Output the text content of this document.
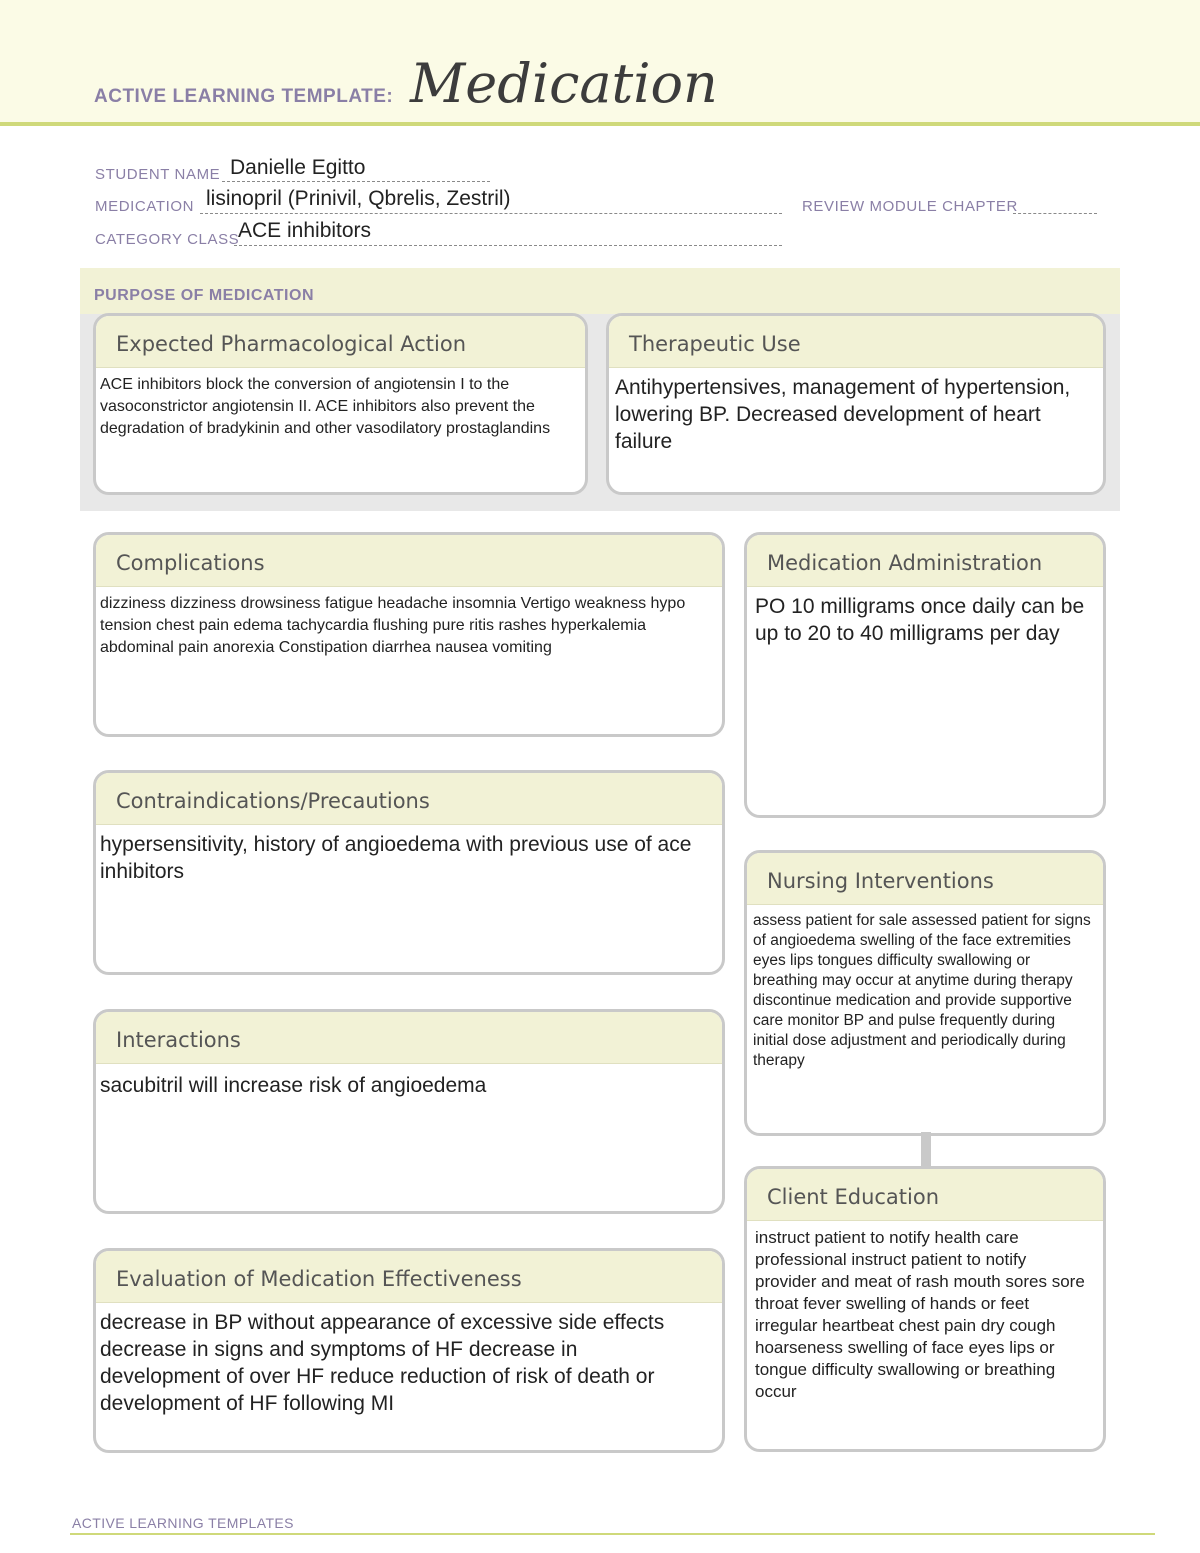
ACTIVE LEARNING TEMPLATE: Medication
STUDENT NAME Danielle Egitto
MEDICATION lisinopril (Prinivil, Qbrelis, Zestril)	REVIEW MODULE CHAPTER
CATEGORY CLASS
ACE inhibitors
PURPOSE OF MEDICATION
Expected Pharmacological Action
ACE inhibitors block the conversion of angiotensin I to the vasoconstrictor angiotensin II. ACE inhibitors also prevent the degradation of bradykinin and other vasodilatory prostaglandins
Therapeutic Use
Antihypertensives, management of hypertension, lowering BP. Decreased development of heart failure
Complications
dizziness dizziness drowsiness fatigue headache insomnia Vertigo weakness hypo tension chest pain edema tachycardia flushing pure ritis rashes hyperkalemia abdominal pain anorexia Constipation diarrhea nausea vomiting
Contraindications/Precautions
hypersensitivity, history of angioedema with previous use of ace inhibitors
Interactions
sacubitril will increase risk of angioedema
Evaluation of Medication Effectiveness
decrease in BP without appearance of excessive side effects decrease in signs and symptoms of HF decrease in development of over HF reduce reduction of risk of death or development of HF following MI
Medication Administration
PO 10 milligrams once daily can be up to 20 to 40 milligrams per day
Nursing Interventions
assess patient for sale assessed patient for signs of angioedema swelling of the face extremities eyes lips tongues difficulty swallowing or breathing may occur at anytime during therapy discontinue medication and provide supportive care monitor BP and pulse frequently during initial dose adjustment and periodically during therapy
Client Education
instruct patient to notify health care professional instruct patient to notify provider and meat of rash mouth sores sore throat fever swelling of hands or feet irregular heartbeat chest pain dry cough hoarseness swelling of face eyes lips or tongue difficulty swallowing or breathing occur
ACTIVE LEARNING TEMPLATES
